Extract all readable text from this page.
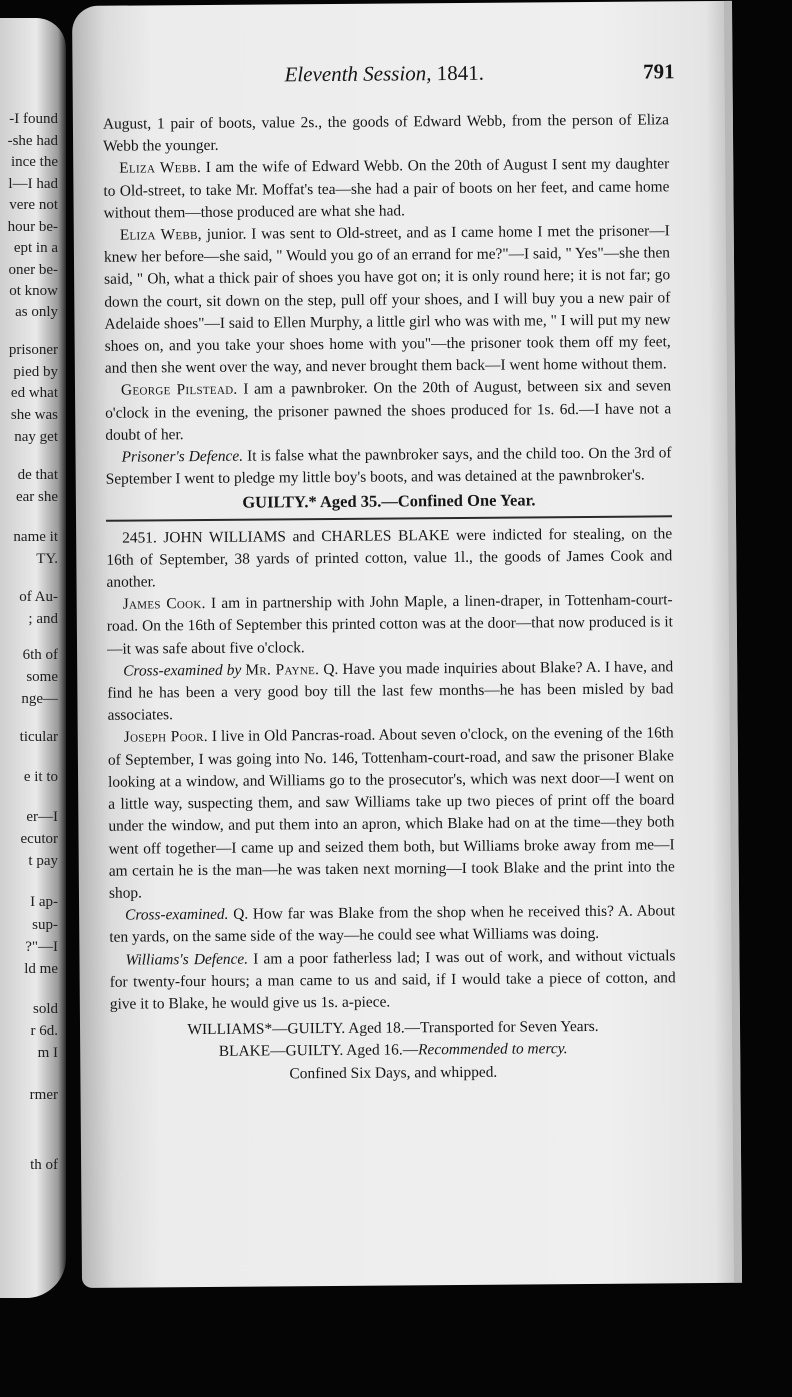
-I found
-she had
ince the
l—I had
vere not
hour be-
ept in a
oner be-
ot know
as only
prisoner
pied by
ed what
she was
nay get
de that
ear she
name it
TY.
of Au-
; and
6th of
some
nge—
ticular
e it to
er—I
ecutor
t pay
I ap-
sup-
?"—I
ld me
sold
r 6d.
m I
rmer
th of
Eleventh Session, 1841.	791

August, 1 pair of boots, value 2s., the goods of Edward Webb, from the person of Eliza Webb the younger.

Eliza Webb. I am the wife of Edward Webb. On the 20th of August I sent my daughter to Old-street, to take Mr. Moffat's tea—she had a pair of boots on her feet, and came home without them—those produced are what she had.

Eliza Webb, junior. I was sent to Old-street, and as I came home I met the prisoner—I knew her before—she said, " Would you go of an errand for me?"—I said, " Yes"—she then said, " Oh, what a thick pair of shoes you have got on; it is only round here; it is not far; go down the court, sit down on the step, pull off your shoes, and I will buy you a new pair of Adelaide shoes"—I said to Ellen Murphy, a little girl who was with me, " I will put my new shoes on, and you take your shoes home with you"—the prisoner took them off my feet, and then she went over the way, and never brought them back—I went home without them.

George Pilstead. I am a pawnbroker. On the 20th of August, between six and seven o'clock in the evening, the prisoner pawned the shoes produced for 1s. 6d.—I have not a doubt of her.

Prisoner's Defence. It is false what the pawnbroker says, and the child too. On the 3rd of September I went to pledge my little boy's boots, and was detained at the pawnbroker's.

GUILTY.* Aged 35.—Confined One Year.

2451. JOHN WILLIAMS and CHARLES BLAKE were indicted for stealing, on the 16th of September, 38 yards of printed cotton, value 1l., the goods of James Cook and another.

James Cook. I am in partnership with John Maple, a linen-draper, in Tottenham-court-road. On the 16th of September this printed cotton was at the door—that now produced is it—it was safe about five o'clock.

Cross-examined by Mr. Payne. Q. Have you made inquiries about Blake? A. I have, and find he has been a very good boy till the last few months—he has been misled by bad associates.

Joseph Poor. I live in Old Pancras-road. About seven o'clock, on the evening of the 16th of September, I was going into No. 146, Tottenham-court-road, and saw the prisoner Blake looking at a window, and Williams go to the prosecutor's, which was next door—I went on a little way, suspecting them, and saw Williams take up two pieces of print off the board under the window, and put them into an apron, which Blake had on at the time—they both went off together—I came up and seized them both, but Williams broke away from me—I am certain he is the man—he was taken next morning—I took Blake and the print into the shop.

Cross-examined. Q. How far was Blake from the shop when he received this? A. About ten yards, on the same side of the way—he could see what Williams was doing.

Williams's Defence. I am a poor fatherless lad; I was out of work, and without victuals for twenty-four hours; a man came to us and said, if I would take a piece of cotton, and give it to Blake, he would give us 1s. a-piece.

WILLIAMS*—GUILTY. Aged 18.—Transported for Seven Years.

BLAKE—GUILTY. Aged 16.—Recommended to mercy.

Confined Six Days, and whipped.
